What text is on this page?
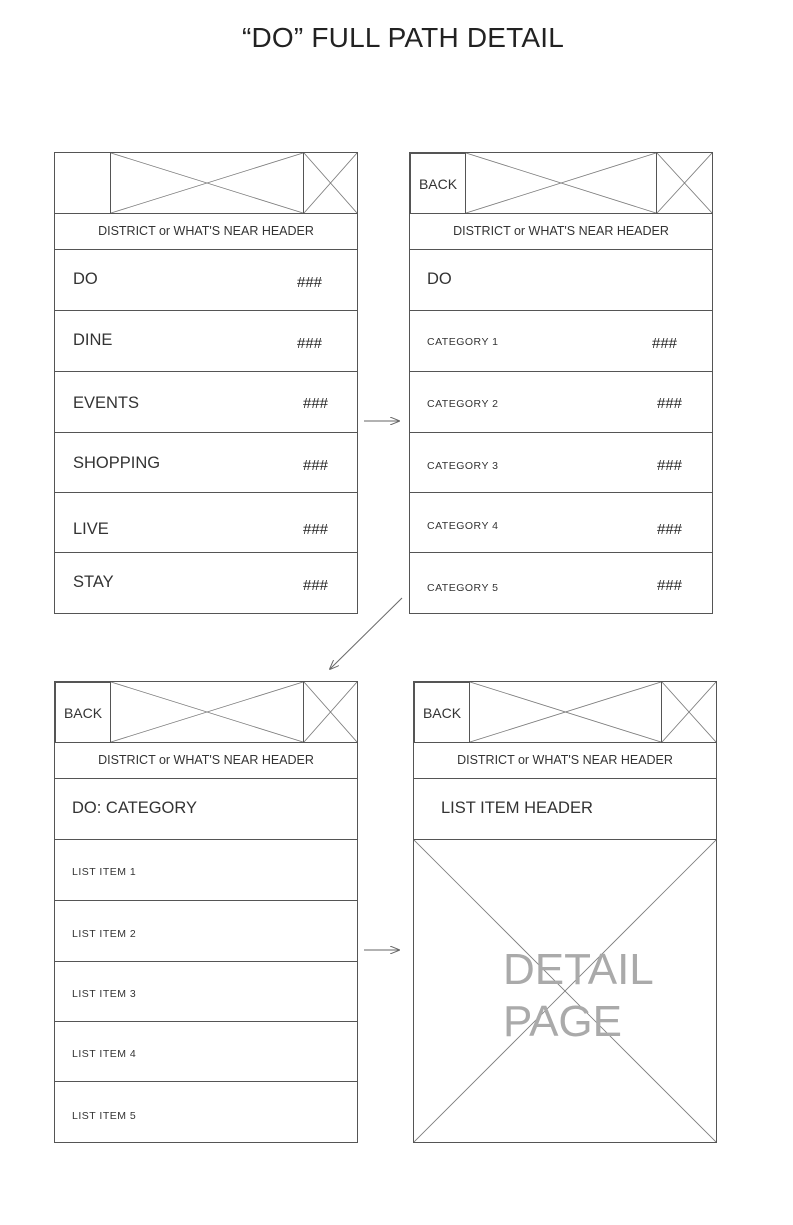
“DO” FULL PATH DETAIL
DISTRICT or WHAT'S NEAR HEADER
DO	###
DINE	###
EVENTS	###
SHOPPING	###
LIVE	###
STAY	###
BACK
DISTRICT or WHAT'S NEAR HEADER
DO
CATEGORY 1	###
CATEGORY 2	###
CATEGORY 3	###
CATEGORY 4	###
CATEGORY 5	###
BACK
DISTRICT or WHAT'S NEAR HEADER
DO: CATEGORY
LIST ITEM 1
LIST ITEM 2
LIST ITEM 3
LIST ITEM 4
LIST ITEM 5
BACK
DISTRICT or WHAT'S NEAR HEADER
LIST ITEM HEADER
DETAIL
PAGE
